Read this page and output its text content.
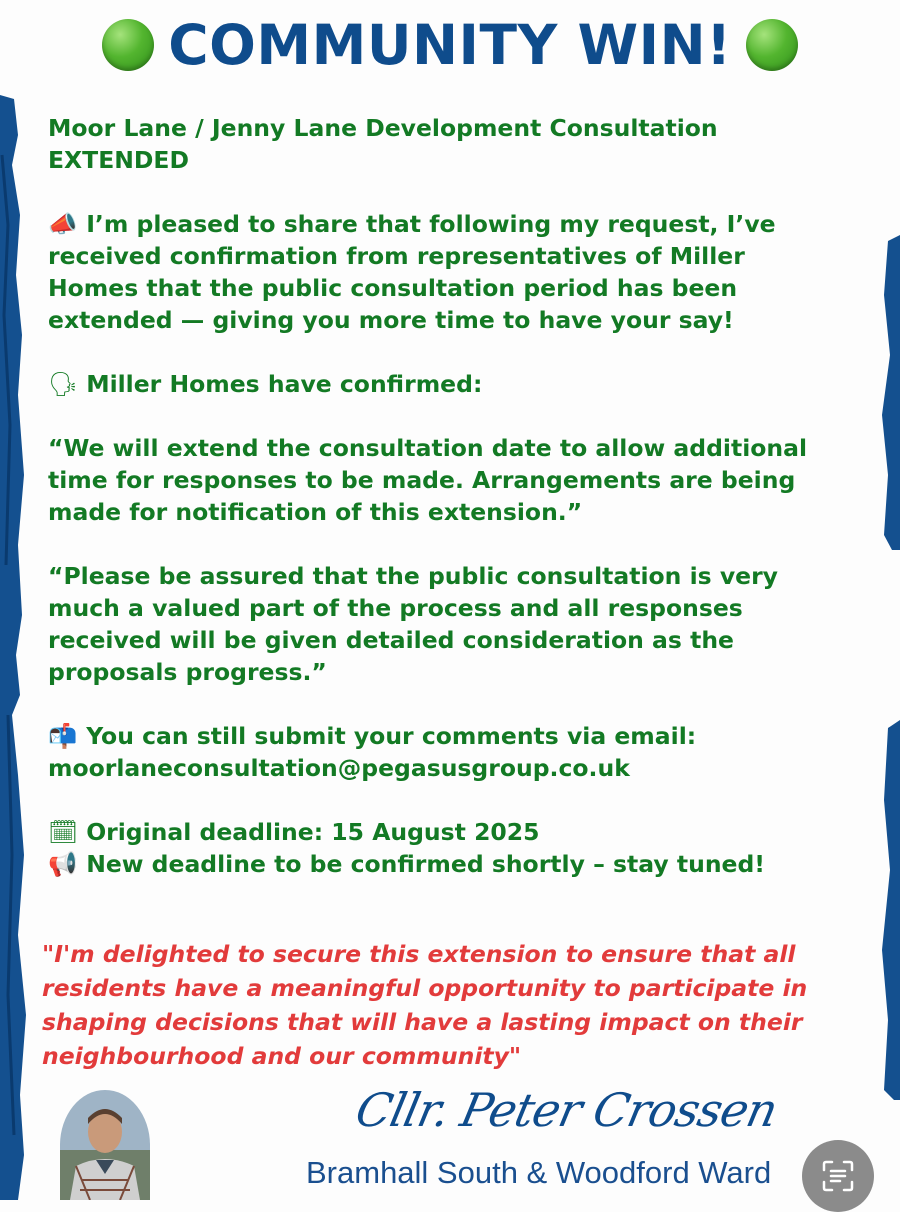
COMMUNITY WIN!

Moor Lane / Jenny Lane Development Consultation EXTENDED

📣 I’m pleased to share that following my request, I’ve received confirmation from representatives of Miller Homes that the public consultation period has been extended — giving you more time to have your say!

🗣 Miller Homes have confirmed:

“We will extend the consultation date to allow additional time for responses to be made. Arrangements are being made for notification of this extension.”

“Please be assured that the public consultation is very much a valued part of the process and all responses received will be given detailed consideration as the proposals progress.”

📬 You can still submit your comments via email:
moorlaneconsultation@pegasusgroup.co.uk

🗓 Original deadline: 15 August 2025

📢 New deadline to be confirmed shortly – stay tuned!

"I'm delighted to secure this extension to ensure that all residents have a meaningful opportunity to participate in shaping decisions that will have a lasting impact on their neighbourhood and our community"
Cllr. Peter Crossen
Bramhall South & Woodford Ward
